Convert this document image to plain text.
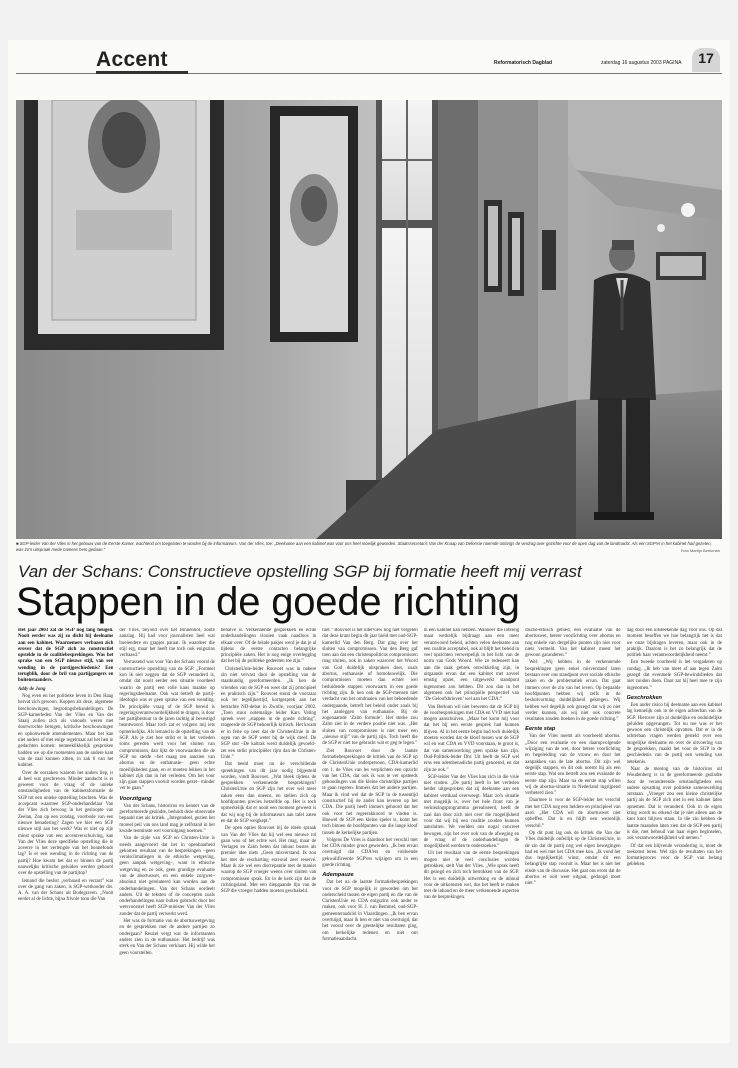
Accent	Reformatorisch Dagblad	zaterdag 16 augustus 2003 PAGINA	17
■ SGP-leider Van der Vlies in het gebouw van de Eerste Kamer, wachtend om toegelaten te worden bij de informateurs. Van der Vlies, toe: „Deelname aan een kabinet was voor ons heel moeilijk geworden. Staatssecretaris Van der Knaap van Defensie noemde onlangs de verdrag over gezichte voor de open dag van de landmacht. Als een SGP'er in het kabinet had gezeten, was zo'n uitspraak mede namens hem gedaan.”	Foto Martijn Beekman
Van der Schans: Constructieve opstelling SGP bij formatie heeft mij verrast
Stappen in de goede richting

Het jaar 2003 zal de SGP nog lang heugen. Nooit eerder was zij zo dicht bij deelname aan een kabinet. Waarnemers verbazen zich erover dat de SGP zich zo constructief opstelde in de coalitiebesprekingen. Was het sprake van een SGP nieuwe stijl, van een wending in de partijgeschiedenis? Een terugblik, door de bril van partijgangers en buitenstaanders.

Addy de Jong

Nog even en het politieke leven in Den Haag hervat zich gewoon. Koppen als deze, algemene beschouwingen, begrotingsbehandelingen. De SGP-kamerleden Van der Vlies en Van der Staaij zullen zich als vanouds weren met doorwrochte betogen, kritische beschouwingen en ophouwende amendementen. Maar het kan niet anders of met enige regelmaat zal het hen in gedachten komen: nemeeklikkelijk gesproken hadden we op die momenten aan de andere kant van de zaal kunnen zitten, in zak 6 van het kabinet.

Over de oorzaken waarom het anders liep, is al heel wat geschreven. Minder aandacht is er geweest voor de vraag of de unieke omstandigheden van de kabinetsformatie de SGP tot een unieke opstelling brachten. Was de accepcant waarmee SGP-onderhandelaar Van der Vlies zich bewoog in het gesloopte van Zeelan, Zon op een zondag, voorbode van een nieuwe benadering? Zagen we hier een SGP nieuwe stijl aan het werk? Was er niet op zijn minst sprake van een accentverschuiving, kan Van der Vlies deze specifieke opstelling die in zoverre in het verlengde van het bonnefonds lag? Is er een wending in de richting van de partij? Hoe kwam het dat er binnen de partij nauwelijks kritische geluiden werden gehoord over de opstelling van de partijtop?

Iemand die beslist „verbaasd en verrast” was over de gang van zaken, is SGP-wethouder drs. A. A. van der Schans uit Bodegraven. „Nooit eerder al de lichte, bijna frivole toon die Van

der Vlies, beyond over het Binnenhof, zonte aanzlag. Hij had voor journalisten heel wat boeiendere en grapjes paraat. Ik waardeer die stijl erg, maar het heeft me toch ook enigszins verbaasd.”

Verrassend was voor Van der Schans vooral de constructieve opstelling van de SGP. „Formeel kon ik niet zeggen dat de SGP veranderd is, omdat dat nooit eerder een situatie voordeed waarin de partij een rolle kans maakte op regeringsdeelname. Ook wat betreft de partij-ideologie was er geen sprake van een wending. De principiële vraag of de SGP bereid is regeringsverantwoordelijkheid te dragen, is door het partijbestuur in de jaren tachtig al bevestigd beantwoord. Maar toch zat er volgens mij iets opmerkelijks. Als iemand is de opstelling van de SGP. Als je ziet hoe strikt er in het verleden soms gereden werd voor het sluiten van compromissen, dan lijkt de voorwaarden die de SGP nu stelde –het maag ten aanzien van abortus en de euthanasie– geen echte moeilijkheden gaan, en er moeten lekken in het kabinet zijn dan in het verleden. Om het voor zijn gaan stappen vooruit worden gezet– minder ver te gaan.”

Voorzitgang

Van der Schans, historicus en kenner van de gereformeerde gezindte, beduidt deze observatie bepaald niet als kritiek. „Integendeel, gezien het moreel peil van ons land mag je zelfstand in het kwade tenminste wel vooruitgang noemen.”

Van de zijde van SGP en Christen-Unie is steeds aangevoerd dat het in openbaarheid gekomen resultaat van de besprekingen –geen veralsclimatiegen in de ethische wetgeving, geen aanpak wetgeving–, want in ethische wetgeving en zo ook, geen grondige evaluatie van de abortuswet, en een enkele zorgwet– absoluut niet gerelateerd kan worden aan de onderhandelingen. Van der Schans oordeelt anders. Uit de teksten of de concepten zoals onderhandelingen naar buiten gebracht door het wetsvoorstel heeft SGP-minister Van der Vlies zonder dat de partij verwerkt werd.

Het was de formatie van de abortuswetgeving en de gesprekken met de andere partijen zo ondergaan? Reuzel vergt wat de informanten anders zien in de euthanasie. Het bedrijf was sterk en Van der Schans verklaart. Hij wilde het geen voorstellen.

behalve is. Verkennende gesprekken en echte onderhandelingen vlooien vaak naadloos in elkaar over. Of de lokale pakjes werd je dat je al tijdens de eerste contacten belangrijke principiële zaken. Het is nog enige overlegging dat het bij de politieke gedeelten toe zijn.”

ChristenUnie-leider Rouvoet was in nabere zin niet vervast door de opstelling van de staatkundig gereformeerden. „Ik ken de vrienden van de SGP en weet dat zij principieel en praktisch zijn.” Rouvoet stond de voorzaar ook ter tegelijkertijd, kortgesprek aan het betrachte ND-debat in Zwolle, voorjaar 2002. „Toen stuur notemalige leider Kars Veling spreek over „stappen in de goede richting”, reageerde de SGP behoorlijk kritisch. Het kwam er in feite op neer dat de ChristenUnie in de ogen van de SGP weter bij de wijk dreef. De SGP stut –De kaltrak werd duidelijk gevoeld– zet een strikt principiëler rijm dan de Christen-Unie.”

Dat beeld moet nu de verschillende spreekingen van dit jaar nodig bijgesteld worden, vindt Rouvoet. „Wat bleek tijdens de gesprekken verkennende besprekingen? ChristenUnie en SGP zijn het over wel meer zaken eens dan oneens, en stellen zich op hoofdpunten precies hetzelfde op. Het is toch opmerkelijk dat er nooit een moment geweest is dat wij nog bij de informateurs aan tafel zaten en dat de SGP weigkept.”

De open opties Rouvoet bij de ideën spraak van Van der Vlies dat hij wel een nieuwe rol gaan wou of het echte wel. Het mag, maar de Verlagen en Zalm heten dat inhuur bustes als premier idee niets „Geen misverstand. Ik zou het met de rescharting eravond zeer reservé. Maar ik zie wel een discrepantie met de manier waarop de SGP vroeger weens over sluiten van compromissen sprak. En in de kerk zijn dat de richtingsland. Met een diepgaande lijn van de SGP die vroeger hadden moeten geschakeld.

niet.” Rouvoet is het interview nog niet vergeten dat deze krant begin dit jaar hield met oud-SGP-kamerlid Van den Berg. Dat ging over het sluiten van compromissen. Van den Berg gaf toen aan dat een christenpoliticus compromissen mag sluiten, ook in zaken waarover het Woord van God duidelijk uitspraken doet, zoals abortus, euthanasie of homohuwelijk. Die compromissen moeten dan echter wel beduidende stappen voorwaarts in een goede richting zijn. Ik ken ook de SGP-mensen niet verdacht van het omdraaien van het behoedende ondergaande, betreft het beleid onder zoals bij het aanleggen van euthanasie. Bij de zogenaamde ‘Zalm formule’. Het sterke zou Zalm ziet in de verdere positie niet was. „Het sluiten van compromissen is niet meer een „nieuwe stijl” van de partij zijn. Toch heeft die de SGP er niet toe gebracht wat er geg te legen.”

Ziet Rouvoet door de laatste formatiebesprekingen de kritiek van de SGP op de ChristenUnie onderpersoon, CDA-kamerlid om 1. de Vries van les verplichten een opzicht van het CDA, dat ook ik was te ver opsteeds gehoudingen van die kleine christelijke partijen te gaan regeren. Immers dat het andere partijen. Maar ik vind wel dat de SGP in de tussentijd constructief bij de ander kan leveren op het CDA. Die partij heeft immers gehoord dat het ook voor het regeerakkoord te vinden is. Hoewel de SGP een kleine speler is, komt het toch binnen de hoofdpunten van die lange kloof tussen de kerkelijke partijen.

Volgens De Vries is daardoor het verschil met het CDA minder groot geworden. „Ik ben ervan overtuigd dat CDA'ers en voldoende gekwalificeerde SGP'ers wijzigen om in een goede richting.

Adempauze

Dat het na de laatste formatiebesprekingen voor de SGP mogelijk is geworden om het onderscheid tussen de eigen partij en die van de ChristenUnie en CDA enigszins ook ander te maken, ook voor H. J. van Bemmel, oud-SGP-gemeenteraadslid in Vlaardingen. „Ik ben ervan overtuigd, maar ik ben er niet van overtuigd, dat het vooral over de geestelijke resultaten ging, om kerkelijke redenen en niet om formatieaandacht.

in een kabinet kan hebben. Wanneer die inbreng maar werkelijk bijdraagt aan een meer verantwoord beleid, achten velen deelname aan een coalitie acceptabel, ook al blijft het beleid in veel opzichten verwerpelijk in het licht van de norm van Gods Woord. Wie zo redeneert kan aan die zaak gebrek ontwikkeling zijn, in uitgaande ervan dat een kabinet met zoveel ernstig opzet, een uitgewerkt standpunt ingenomen zou hebben. Dit zou dan in het algemeen ook het principiële perspectief van ‘De Geloofsbrieven’ wel aan het CDA.”

Van Berkum wil niet beweren dat de SGP bij de voorbesprekingen met CDA en VVD niet had mogen aanschuiven. „Maar het komt mij voor dat het bij een eerste gesprek had kunnen blijven. Al in het eerste begin had toch duidelijk moeten worden dat de kloof tussen wat de SGP wil en wat CDA en VVD voorstaan, te groot is, dat van samenwerking geen sprake kan zijn. Oud-Politiek-leider Dhr. Uit heeft de SGP wel erns een adembenadiche partij genoemd, en dat zijn ze ook.”

SGP-leider Van der Vlies kan zich in die visie niet vinden. „De partij heeft in het verleden helder uitgesproken dat zij deelname aan een kabinet vertikaal overweegt. Maar zo'n situatie met mogelijk is, over het hele front van je verkiezingsprogramma gerealiseerd, heeft de zaal dan door zich niet over die mogelijkheid voor dat wij bij een coalitie zouden kunnen aansluiten. We voelden ons nogal concreet bewogen, zijn het over ook van de afweging en de vraag of de onderhandelingen de mogelijkheid werden te onderzoeken.”

Uit het resultaat van de eerste besprekingen mogen niet te veel conclusies worden getrokken, stelt Van der Vlies. „Wie sprak heeft dit gezegd en zich toch betrokken van de SGP. Het is een duidelijk uitwerking en de inhoud voor de uitkomsten wel, dus het heeft te maken met de inhoud en de meer verkennende aspecten van de besprekingen.

dische-ethisch gebied, een evaluatie van de abortuswet, betere voorlichting over abortus en nog enkele van dergelijke punten zijn niet voor niets vermeld. Van het kabinet moest het gewoon garanderen.”

Wel: „Wij hebben in de verkennende besprekingen geen enkel misverstand laten bestaan over ons standpunt over sociale ethische zaken en de problematiek ervan. Dat gaat immers over de zin van het leven. Op bepaalde hoofdpunten hebben wij zelfs in de besluitvorming duidelijkheid gekregen. Wij hebben wel degelijk ook gezegd dat wij zo niet verder kunnen, als wij niet ook concrete resultaten zouden boeken in de goede richting.”

Eerste stap

Van der Vlies noemt als voorbeeld abortus. „Door een evaluatie en een daaropvolgende wijziging van de wet, door betere voorlichting en begeleiding van de vrouw en door het aanpakken van de late abortus. Dit zijn wel degelijk stappen, en dit ook noemt hij als een eerste stap. Wat ons betreft zou een evaluatie de eerste stap zijn. Maar na de eerste stap willen wij de abortus-situatie in Nederland ingrijpend verbeterd zien.”

Daarmee is voor de SGP-leider het verschil met het CDA nog een heldere en principieel van aard. „Het CDA wil de abortuswet niet opheffen. Dat is en blijft een wezenlijk verschil.”

Op dit punt lag ook de kritiek die Van der Vlies duidelijk onfeilijk op de ChristenUnie, in de zin dat de partij nog wel eigen bewegingen had en wel met het CDA mee kon. „Ik vond het dus tegelijkertijd winst, omdat dit een belangrijke stap vooruit is. Maar het is niet het einde van de discussie. Het gaat ons erom dat de abortus er ooit weer uitgaat, gedoogd moet niet.”

dag door een uitsteekende dag voor ons. Op dat moment beseffen we hoe belangrijk het is dat we onze bijdragen leveren, maar ook in de praktijk. Daarom is het zo belangrijk dat de politiek haar verantwoordelijkheid neemt.”

Een tweede voorbeeld is het vergaderen op zondag. „Ik heb van meet af aan tegen Zalm gezegd dat eventuele SGP-bewindslieden dat niet zouden doen. Daar zat hij heel mee te zijn ingenomen.”

Geschrokken

Een ander risico bij deelname aan een kabinet lag kennelijk ook in de eigen achterban van de SGP. Hierover zijn al duidelijke en onduidelijke geluiden opgevangen. Tot nu toe was er het gewoon een christelijk opvatten. Dat er in de achterban vragen werden gesteld over een mogelijke deelname en over de uitvoering van de gesprekken, maakt het voor de SGP in de geschiedenis van de partij een wending van betekenis.

Naar de mening van de historicus uit Woudenberg is in de gereformeerde gezindte door de veranderende omstandigheden een andere opvatting over politieke samenwerking ontstaan. „Vroeger zou een kleine christelijke partij als de SGP zich niet in een kabinet laten opnemen. Dat is veranderd. Ook in de eigen kring wordt nu erkend dat je niet alleen aan de kant kunt blijven staan. In die zin hebben de laatste maanden laten zien dat de SGP een partij is die, met behoud van haar eigen beginselen, ook verantwoordelijkheid wil nemen.”

Of dat een blijvende verandering is, moet de toekomst leren. Wel zijn de resultaten van het formatieproces voor de SGP van belang gebleken.
